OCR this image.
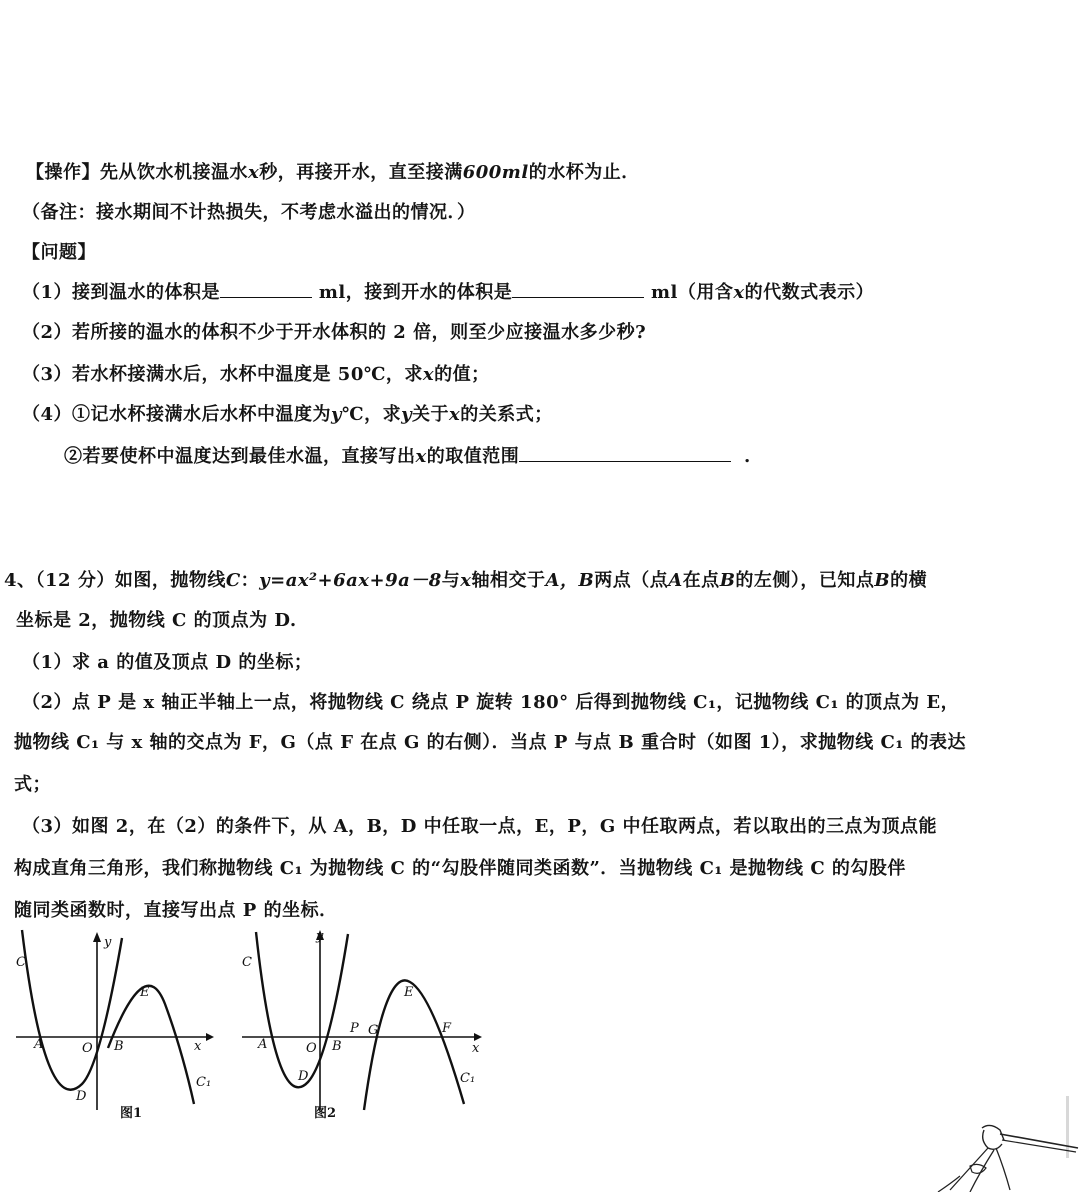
【操作】先从饮水机接温水x秒，再接开水，直至接满600ml的水杯为止．
（备注：接水期间不计热损失，不考虑水溢出的情况．）
【问题】
（1）接到温水的体积是	ml，接到开水的体积是	ml（用含x的代数式表示）
（2）若所接的温水的体积不少于开水体积的 2 倍，则至少应接温水多少秒?
（3）若水杯接满水后，水杯中温度是 50℃，求x的值；
（4）①记水杯接满水后水杯中温度为y℃，求y关于x的关系式；
②若要使杯中温度达到最佳水温，直接写出x的取值范围	.
4、（12 分）如图，抛物线C：y=ax²+6ax+9a－8与x轴相交于A，B两点（点A在点B的左侧），已知点B的横
坐标是 2，抛物线 C 的顶点为 D.
（1）求 a 的值及顶点 D 的坐标；
（2）点 P 是 x 轴正半轴上一点，将抛物线 C 绕点 P 旋转 180° 后得到抛物线 C₁，记抛物线 C₁ 的顶点为 E，
抛物线 C₁ 与 x 轴的交点为 F，G（点 F 在点 G 的右侧）．当点 P 与点 B 重合时（如图 1），求抛物线 C₁ 的表达
式；
（3）如图 2，在（2）的条件下，从 A，B，D 中任取一点，E，P，G 中任取两点，若以取出的三点为顶点能
构成直角三角形，我们称抛物线 C₁ 为抛物线 C 的“勾股伴随同类函数”．当抛物线 C₁ 是抛物线 C 的勾股伴
随同类函数时，直接写出点 P 的坐标．
C
y
x
E
A	O B
D
C₁
图1
C
y
x
E
A	O B
P G	F
D	C₁
图2
